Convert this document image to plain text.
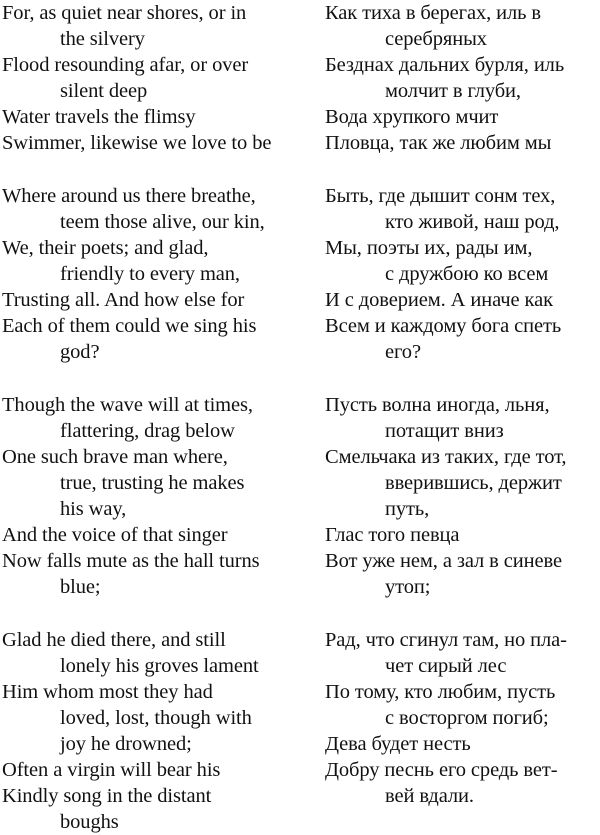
For, as quiet near shores, or in
the silvery
Flood resounding afar, or over
silent deep
Water travels the flimsy
Swimmer, likewise we love to be
Where around us there breathe,
teem those alive, our kin,
We, their poets; and glad,
friendly to every man,
Trusting all. And how else for
Each of them could we sing his
god?
Though the wave will at times,
flattering, drag below
One such brave man where,
true, trusting he makes
his way,
And the voice of that singer
Now falls mute as the hall turns
blue;
Glad he died there, and still
lonely his groves lament
Him whom most they had
loved, lost, though with
joy he drowned;
Often a virgin will bear his
Kindly song in the distant
boughs
Как тиха в берегах, иль в
серебряных
Безднах дальних бурля, иль
молчит в глуби,
Вода хрупкого мчит
Пловца, так же любим мы
Быть, где дышит сонм тех,
кто живой, наш род,
Мы, поэты их, рады им,
с дружбою ко всем
И с доверием. А иначе как
Всем и каждому бога спеть
его?
Пусть волна иногда, льня,
потащит вниз
Смельчака из таких, где тот,
вверившись, держит
путь,
Глас того певца
Вот уже нем, а зал в синеве
утоп;
Рад, что сгинул там, но пла-
чет сирый лес
По тому, кто любим, пусть
с восторгом погиб;
Дева будет несть
Добру песнь его средь вет-
вей вдали.
